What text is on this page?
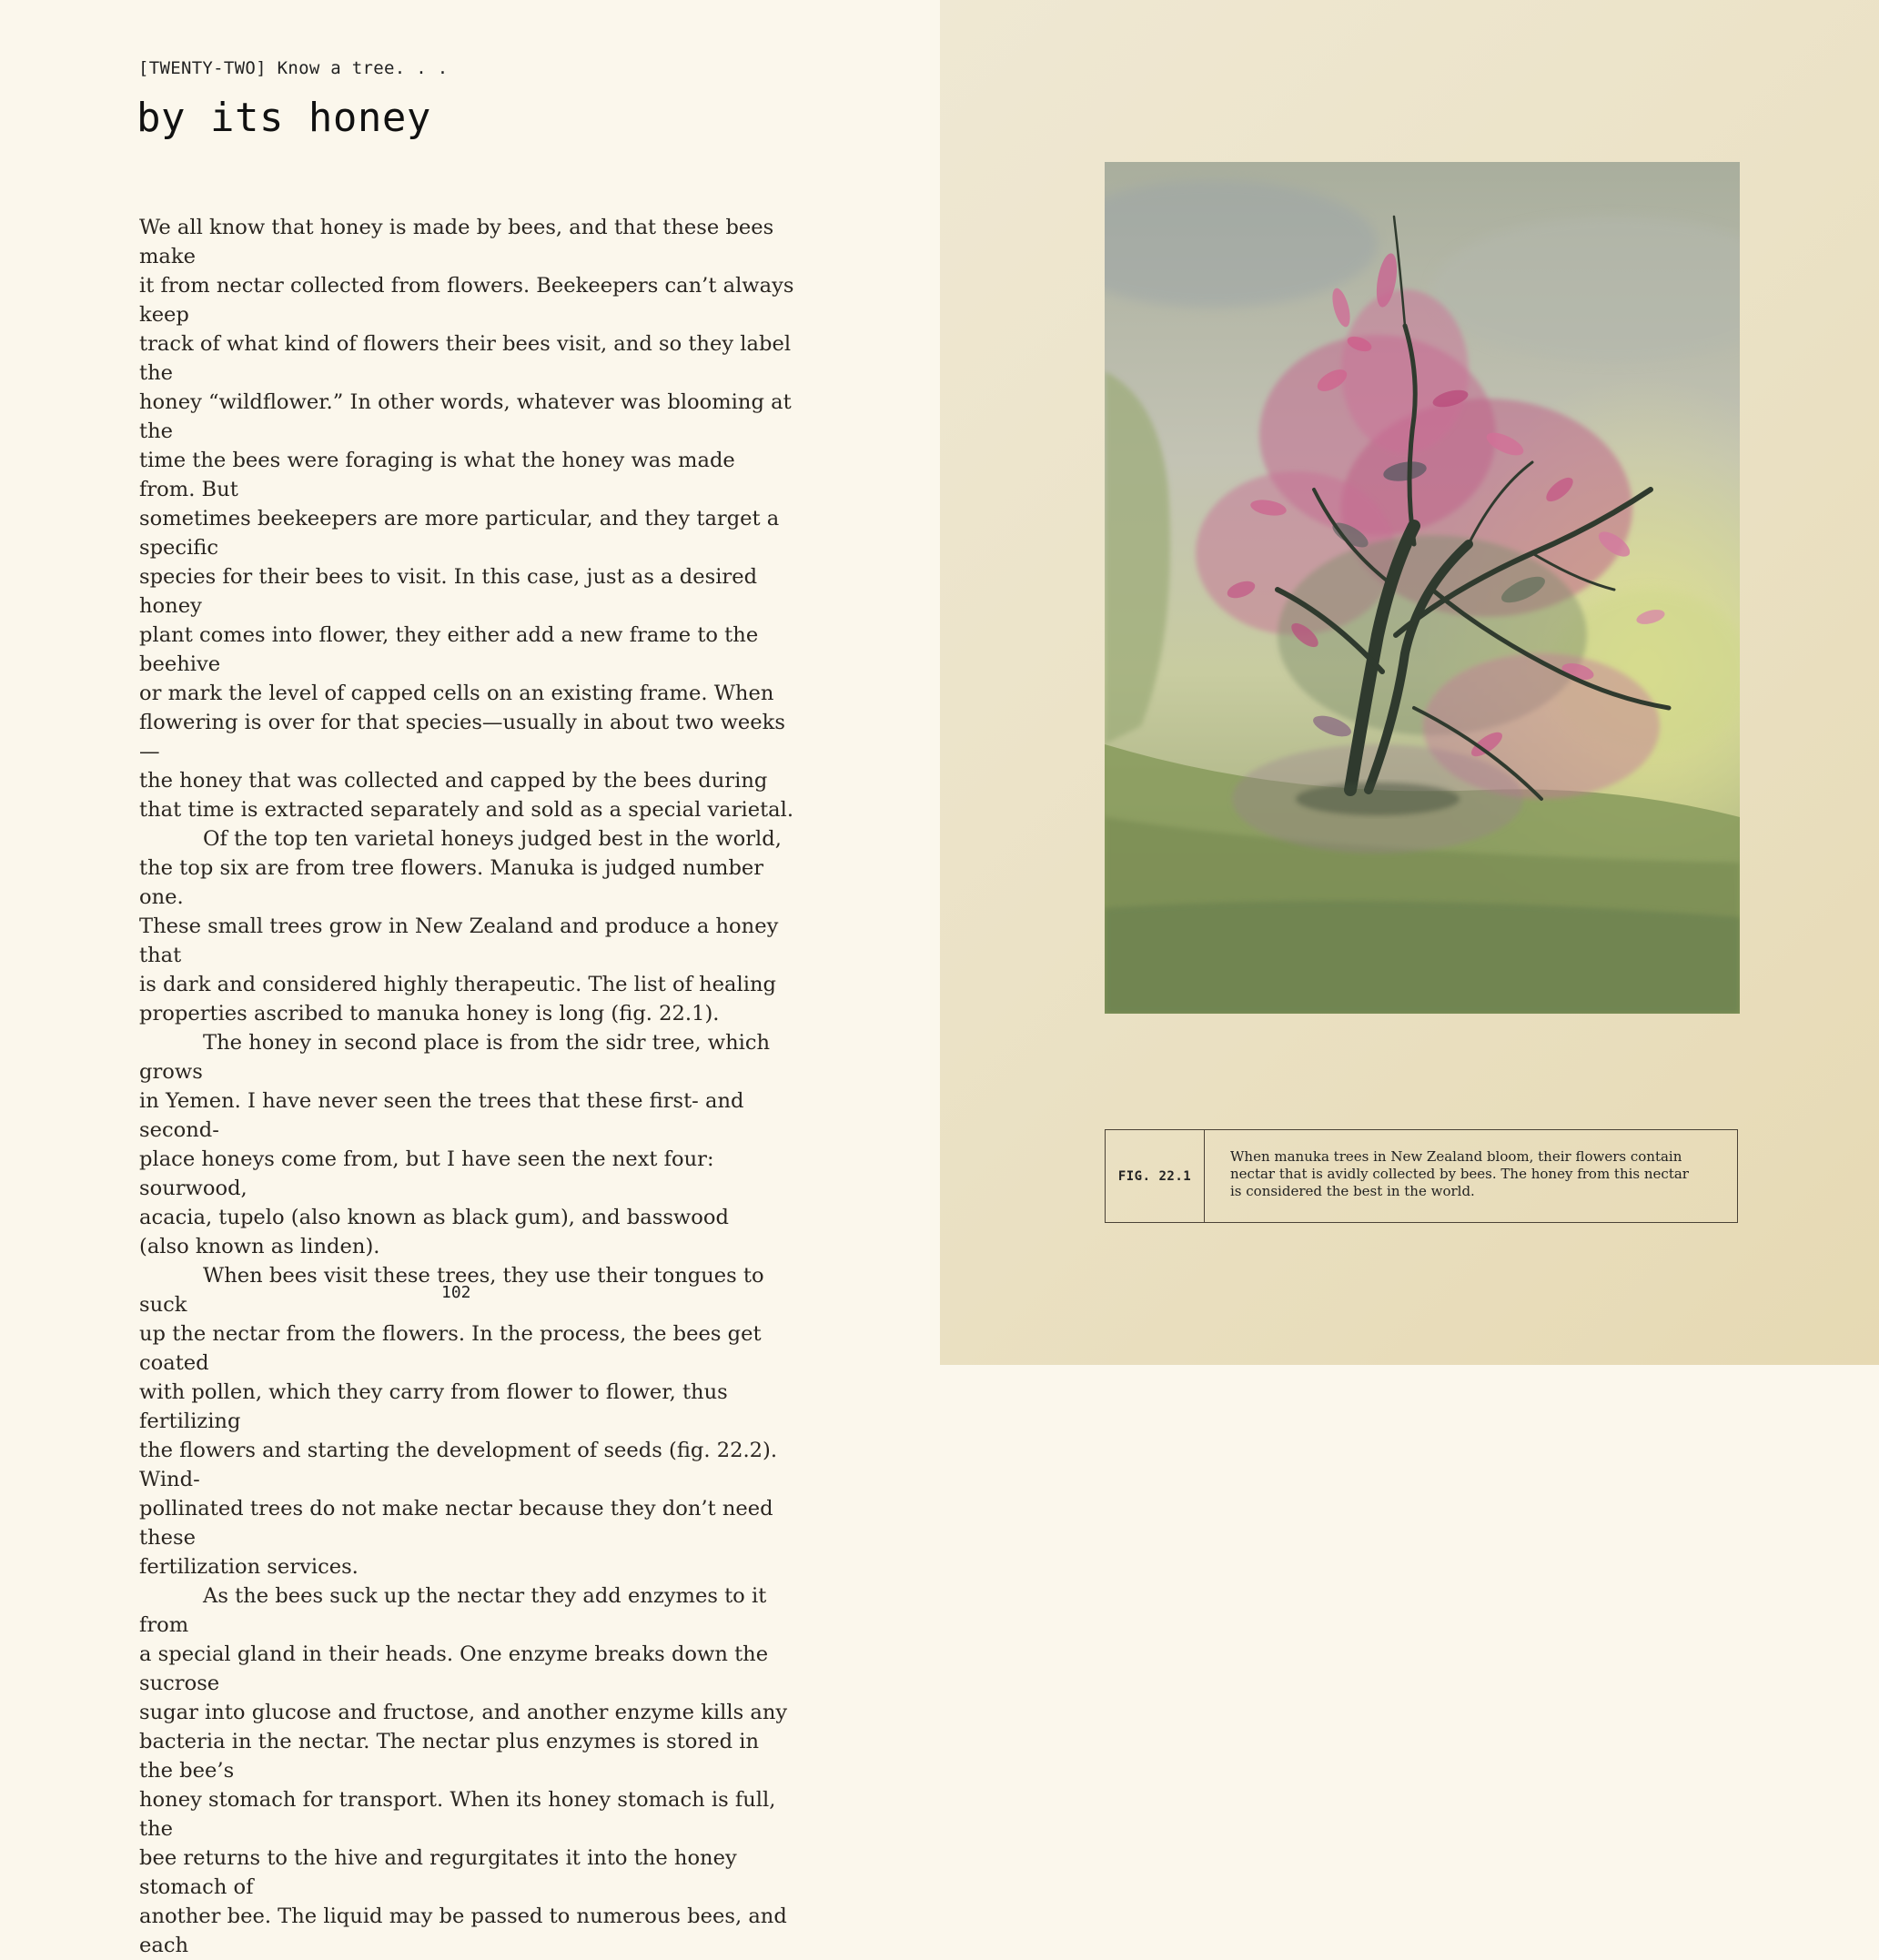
[TWENTY-TWO] Know a tree. . .
by its honey
We all know that honey is made by bees, and that these bees make
it from nectar collected from flowers. Beekeepers can’t always keep
track of what kind of flowers their bees visit, and so they label the
honey “wildflower.” In other words, whatever was blooming at the
time the bees were foraging is what the honey was made from. But
sometimes beekeepers are more particular, and they target a specific
species for their bees to visit. In this case, just as a desired honey
plant comes into flower, they either add a new frame to the beehive
or mark the level of capped cells on an existing frame. When
flowering is over for that species—usually in about two weeks—
the honey that was collected and capped by the bees during
that time is extracted separately and sold as a special varietal.
Of the top ten varietal honeys judged best in the world,
the top six are from tree flowers. Manuka is judged number one.
These small trees grow in New Zealand and produce a honey that
is dark and considered highly therapeutic. The list of healing
properties ascribed to manuka honey is long (fig. 22.1).
The honey in second place is from the sidr tree, which grows
in Yemen. I have never seen the trees that these first- and second-
place honeys come from, but I have seen the next four: sourwood,
acacia, tupelo (also known as black gum), and basswood
(also known as linden).
When bees visit these trees, they use their tongues to suck
up the nectar from the flowers. In the process, the bees get coated
with pollen, which they carry from flower to flower, thus fertilizing
the flowers and starting the development of seeds (fig. 22.2). Wind-
pollinated trees do not make nectar because they don’t need these
fertilization services.
As the bees suck up the nectar they add enzymes to it from
a special gland in their heads. One enzyme breaks down the sucrose
sugar into glucose and fructose, and another enzyme kills any
bacteria in the nectar. The nectar plus enzymes is stored in the bee’s
honey stomach for transport. When its honey stomach is full, the
bee returns to the hive and regurgitates it into the honey stomach of
another bee. The liquid may be passed to numerous bees, and each
102
FIG. 22.1
When manuka trees in New Zealand bloom, their flowers contain
nectar that is avidly collected by bees. The honey from this nectar
is considered the best in the world.
